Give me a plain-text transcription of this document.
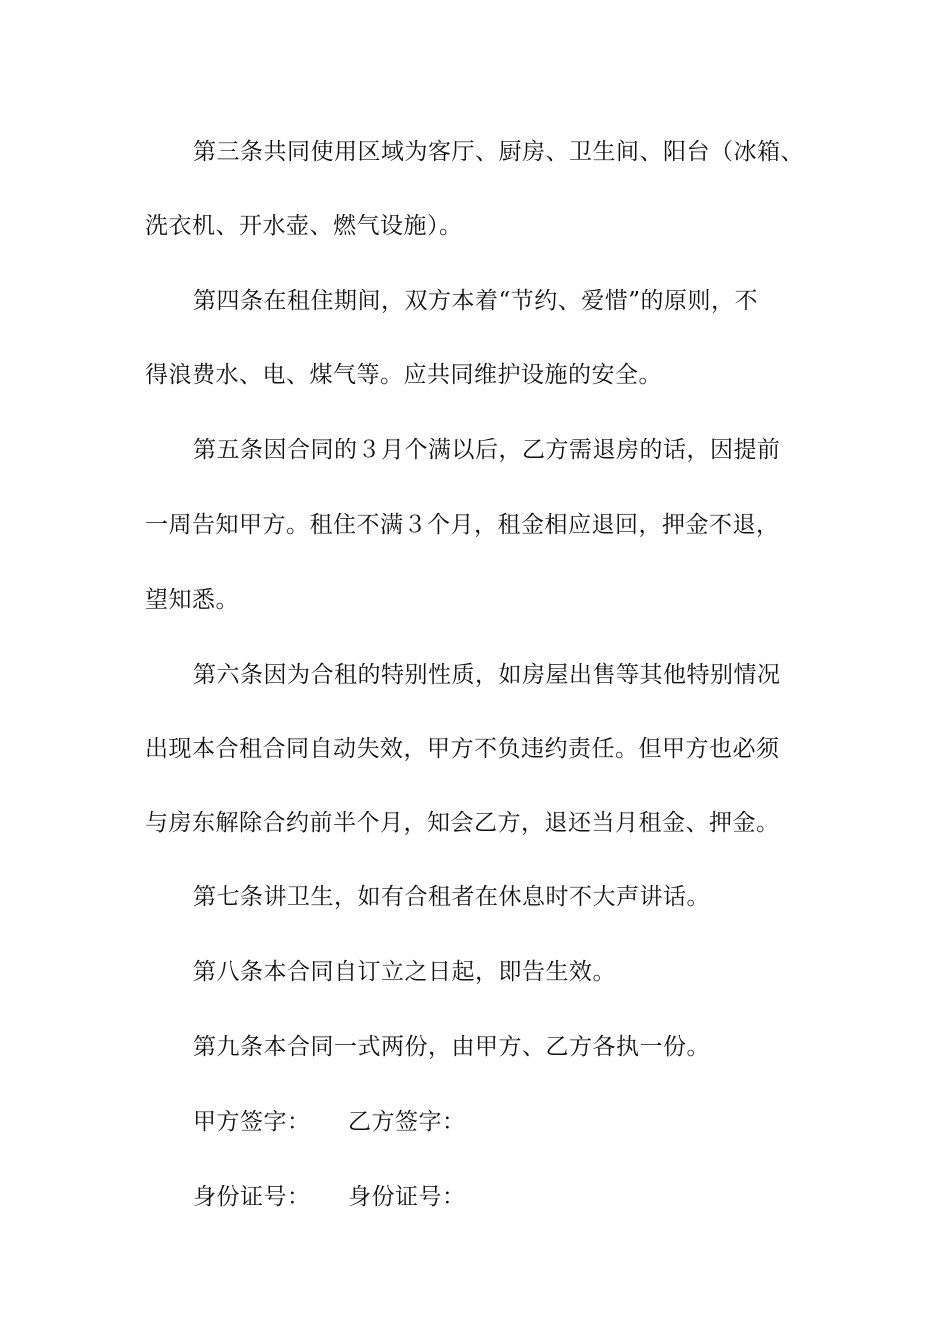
第三条共同使用区域为客厅、厨房、卫生间、阳台（冰箱、
洗衣机、开水壶、燃气设施）。
第四条在租住期间，双方本着“节约、爱惜”的原则，不
得浪费水、电、煤气等。应共同维护设施的安全。
第五条因合同的３月个满以后，乙方需退房的话，因提前
一周告知甲方。租住不满３个月，租金相应退回，押金不退，
望知悉。
第六条因为合租的特别性质，如房屋出售等其他特别情况
出现本合租合同自动失效，甲方不负违约责任。但甲方也必须
与房东解除合约前半个月，知会乙方，退还当月租金、押金。
第七条讲卫生，如有合租者在休息时不大声讲话。
第八条本合同自订立之日起，即告生效。
第九条本合同一式两份，由甲方、乙方各执一份。
甲方签字： 乙方签字：
身份证号： 身份证号：
